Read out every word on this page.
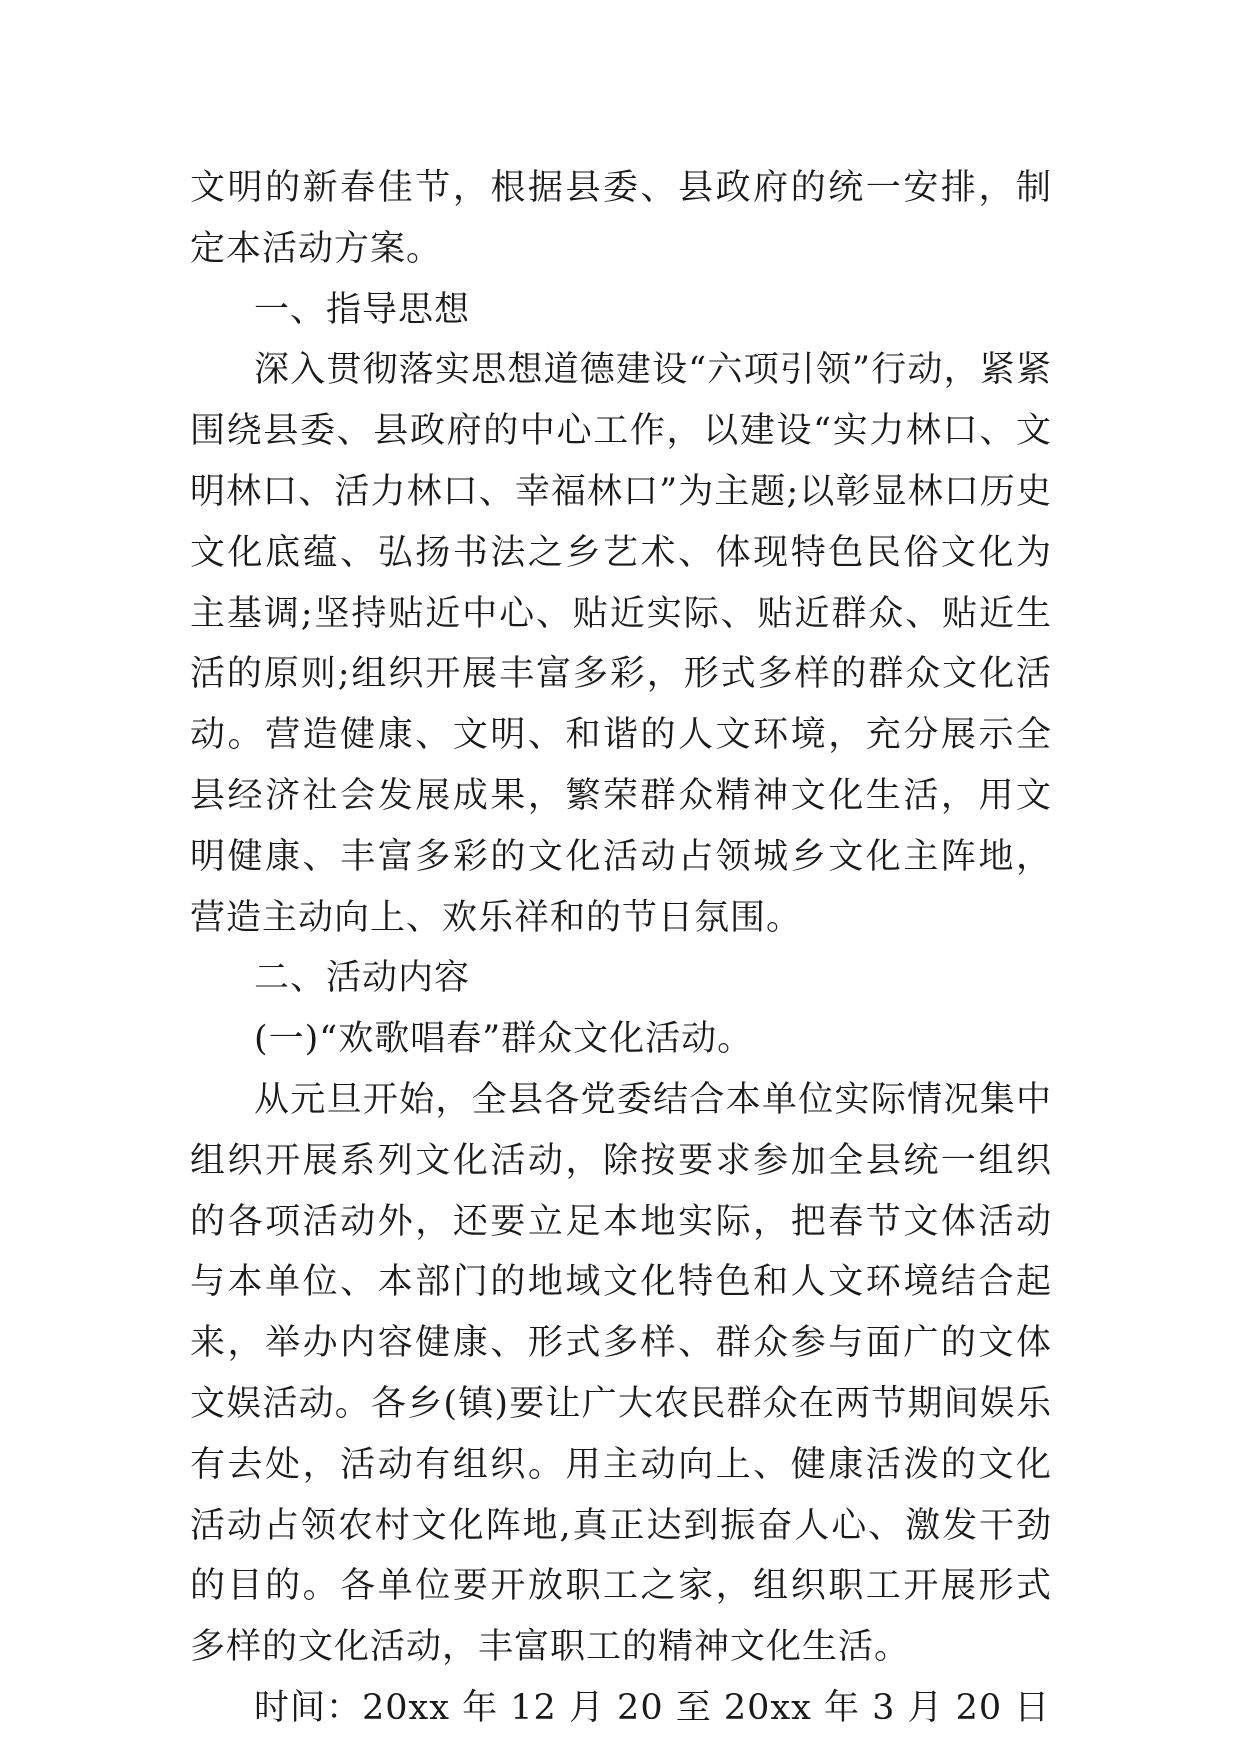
文明的新春佳节，根据县委、县政府的统一安排，制定本活动方案。

一、指导思想

深入贯彻落实思想道德建设“六项引领”行动，紧紧围绕县委、县政府的中心工作，以建设“实力林口、文明林口、活力林口、幸福林口”为主题;以彰显林口历史文化底蕴、弘扬书法之乡艺术、体现特色民俗文化为主基调;坚持贴近中心、贴近实际、贴近群众、贴近生活的原则;组织开展丰富多彩，形式多样的群众文化活动。营造健康、文明、和谐的人文环境，充分展示全县经济社会发展成果，繁荣群众精神文化生活，用文明健康、丰富多彩的文化活动占领城乡文化主阵地，营造主动向上、欢乐祥和的节日氛围。

二、活动内容

(一)“欢歌唱春”群众文化活动。

从元旦开始，全县各党委结合本单位实际情况集中组织开展系列文化活动，除按要求参加全县统一组织的各项活动外，还要立足本地实际，把春节文体活动与本单位、本部门的地域文化特色和人文环境结合起来，举办内容健康、形式多样、群众参与面广的文体文娱活动。各乡(镇)要让广大农民群众在两节期间娱乐有去处，活动有组织。用主动向上、健康活泼的文化活动占领农村文化阵地,真正达到振奋人心、激发干劲的目的。各单位要开放职工之家，组织职工开展形式多样的文化活动，丰富职工的精神文化生活。

时间：20xx 年 12 月 20 至 20xx 年 3 月 20 日
